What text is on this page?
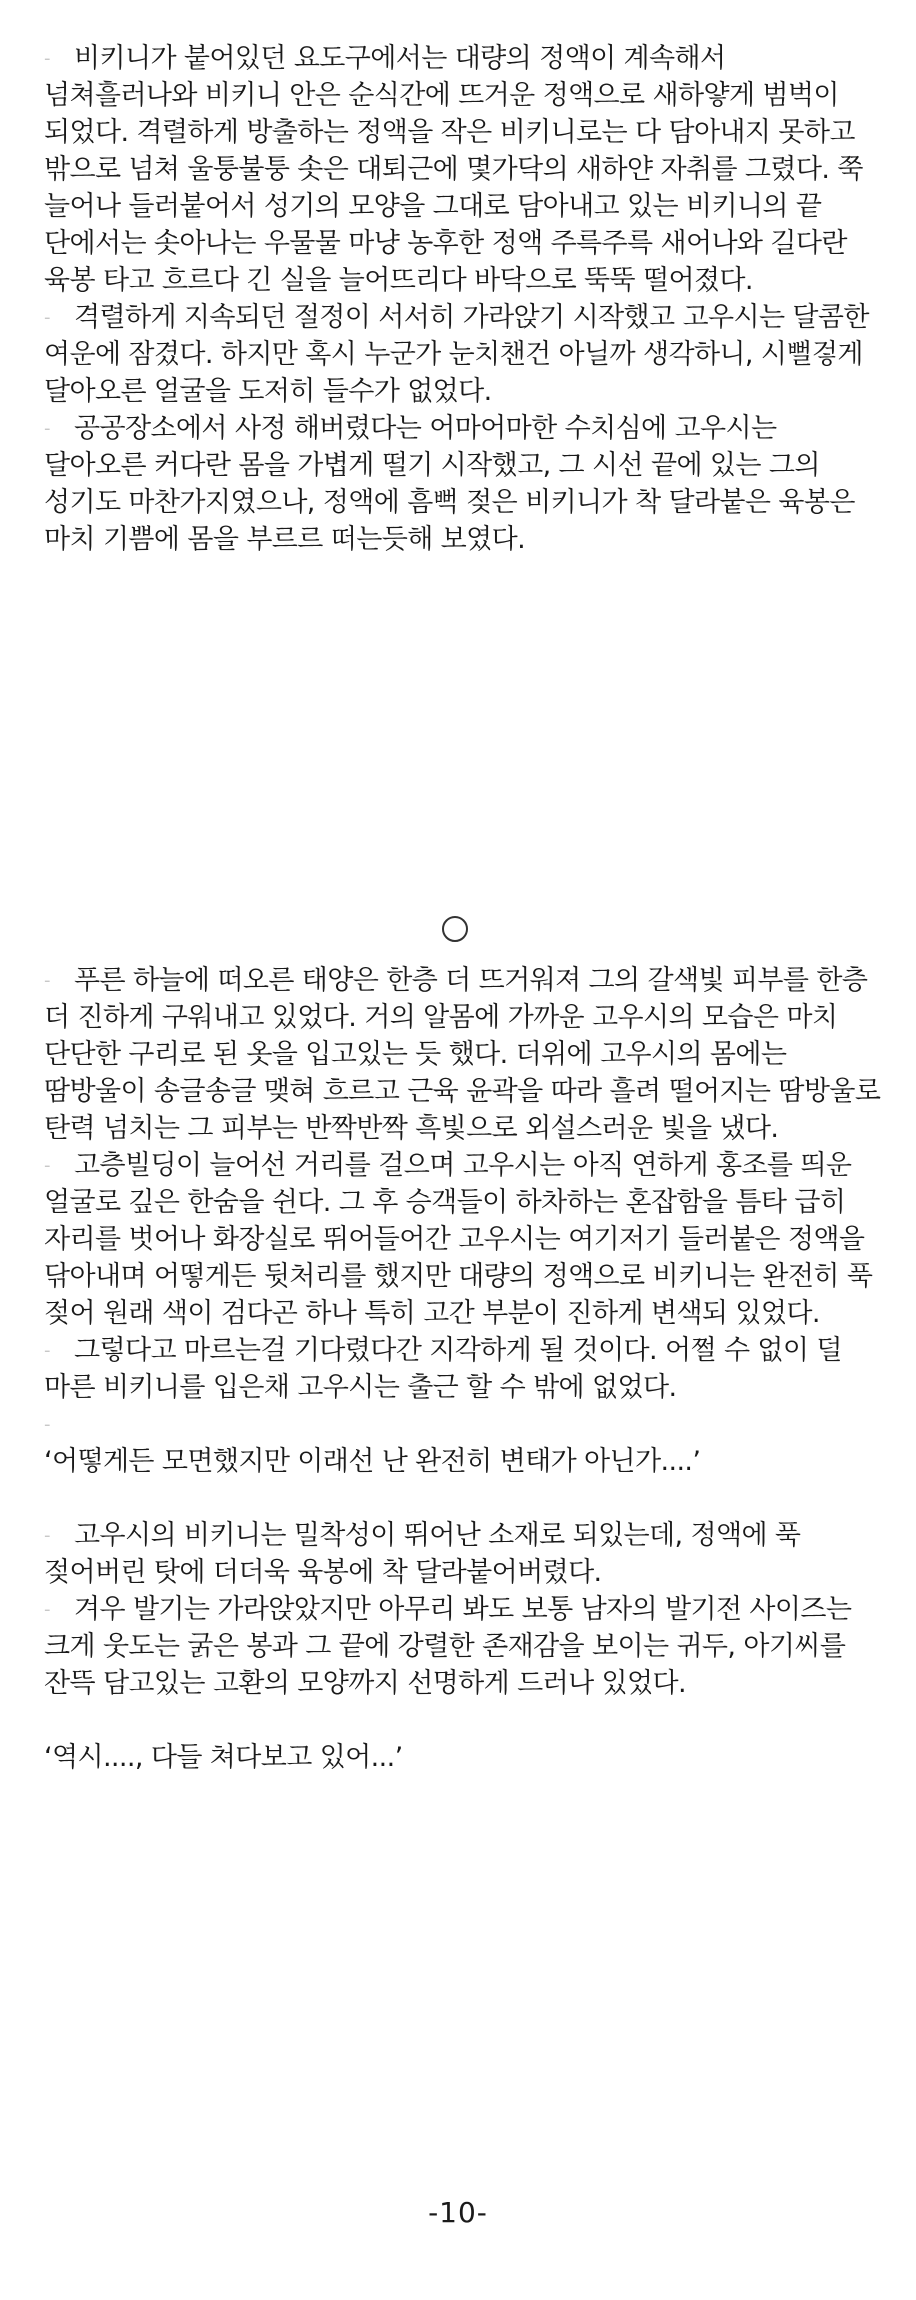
- 비키니가 붙어있던 요도구에서는 대량의 정액이 계속해서 넘쳐흘러나와 비키니 안은 순식간에 뜨거운 정액으로 새하얗게 범벅이 되었다. 격렬하게 방출하는 정액을 작은 비키니로는 다 담아내지 못하고 밖으로 넘쳐 울퉁불퉁 솟은 대퇴근에 몇가닥의 새하얀 자취를 그렸다. 쭉 늘어나 들러붙어서 성기의 모양을 그대로 담아내고 있는 비키니의 끝 단에서는 솟아나는 우물물 마냥 농후한 정액 주륵주륵 새어나와 길다란 육봉 타고 흐르다 긴 실을 늘어뜨리다 바닥으로 뚝뚝 떨어졌다.

- 격렬하게 지속되던 절정이 서서히 가라앉기 시작했고 고우시는 달콤한 여운에 잠겼다. 하지만 혹시 누군가 눈치챈건 아닐까 생각하니, 시뻘겋게 달아오른 얼굴을 도저히 들수가 없었다.

- 공공장소에서 사정 해버렸다는 어마어마한 수치심에 고우시는 달아오른 커다란 몸을 가볍게 떨기 시작했고, 그 시선 끝에 있는 그의 성기도 마찬가지였으나, 정액에 흠뻑 젖은 비키니가 착 달라붙은 육봉은 마치 기쁨에 몸을 부르르 떠는듯해 보였다.

- 푸른 하늘에 떠오른 태양은 한층 더 뜨거워져 그의 갈색빛 피부를 한층 더 진하게 구워내고 있었다. 거의 알몸에 가까운 고우시의 모습은 마치 단단한 구리로 된 옷을 입고있는 듯 했다. 더위에 고우시의 몸에는 땀방울이 송글송글 맺혀 흐르고 근육 윤곽을 따라 흘려 떨어지는 땀방울로 탄력 넘치는 그 피부는 반짝반짝 흑빛으로 외설스러운 빛을 냈다.

- 고층빌딩이 늘어선 거리를 걸으며 고우시는 아직 연하게 홍조를 띄운 얼굴로 깊은 한숨을 쉰다. 그 후 승객들이 하차하는 혼잡함을 틈타 급히 자리를 벗어나 화장실로 뛰어들어간 고우시는 여기저기 들러붙은 정액을 닦아내며 어떻게든 뒷처리를 했지만 대량의 정액으로 비키니는 완전히 푹 젖어 원래 색이 검다곤 하나 특히 고간 부분이 진하게 변색되 있었다.

- 그렇다고 마르는걸 기다렸다간 지각하게 될 것이다. 어쩔 수 없이 덜 마른 비키니를 입은채 고우시는 출근 할 수 밖에 없었다.

-

‘어떻게든 모면했지만 이래선 난 완전히 변태가 아닌가....’

- 고우시의 비키니는 밀착성이 뛰어난 소재로 되있는데, 정액에 푹 젖어버린 탓에 더더욱 육봉에 착 달라붙어버렸다.

- 겨우 발기는 가라앉았지만 아무리 봐도 보통 남자의 발기전 사이즈는 크게 웃도는 굵은 봉과 그 끝에 강렬한 존재감을 보이는 귀두, 아기씨를 잔뜩 담고있는 고환의 모양까지 선명하게 드러나 있었다.

‘역시...., 다들 쳐다보고 있어...’

-10-
